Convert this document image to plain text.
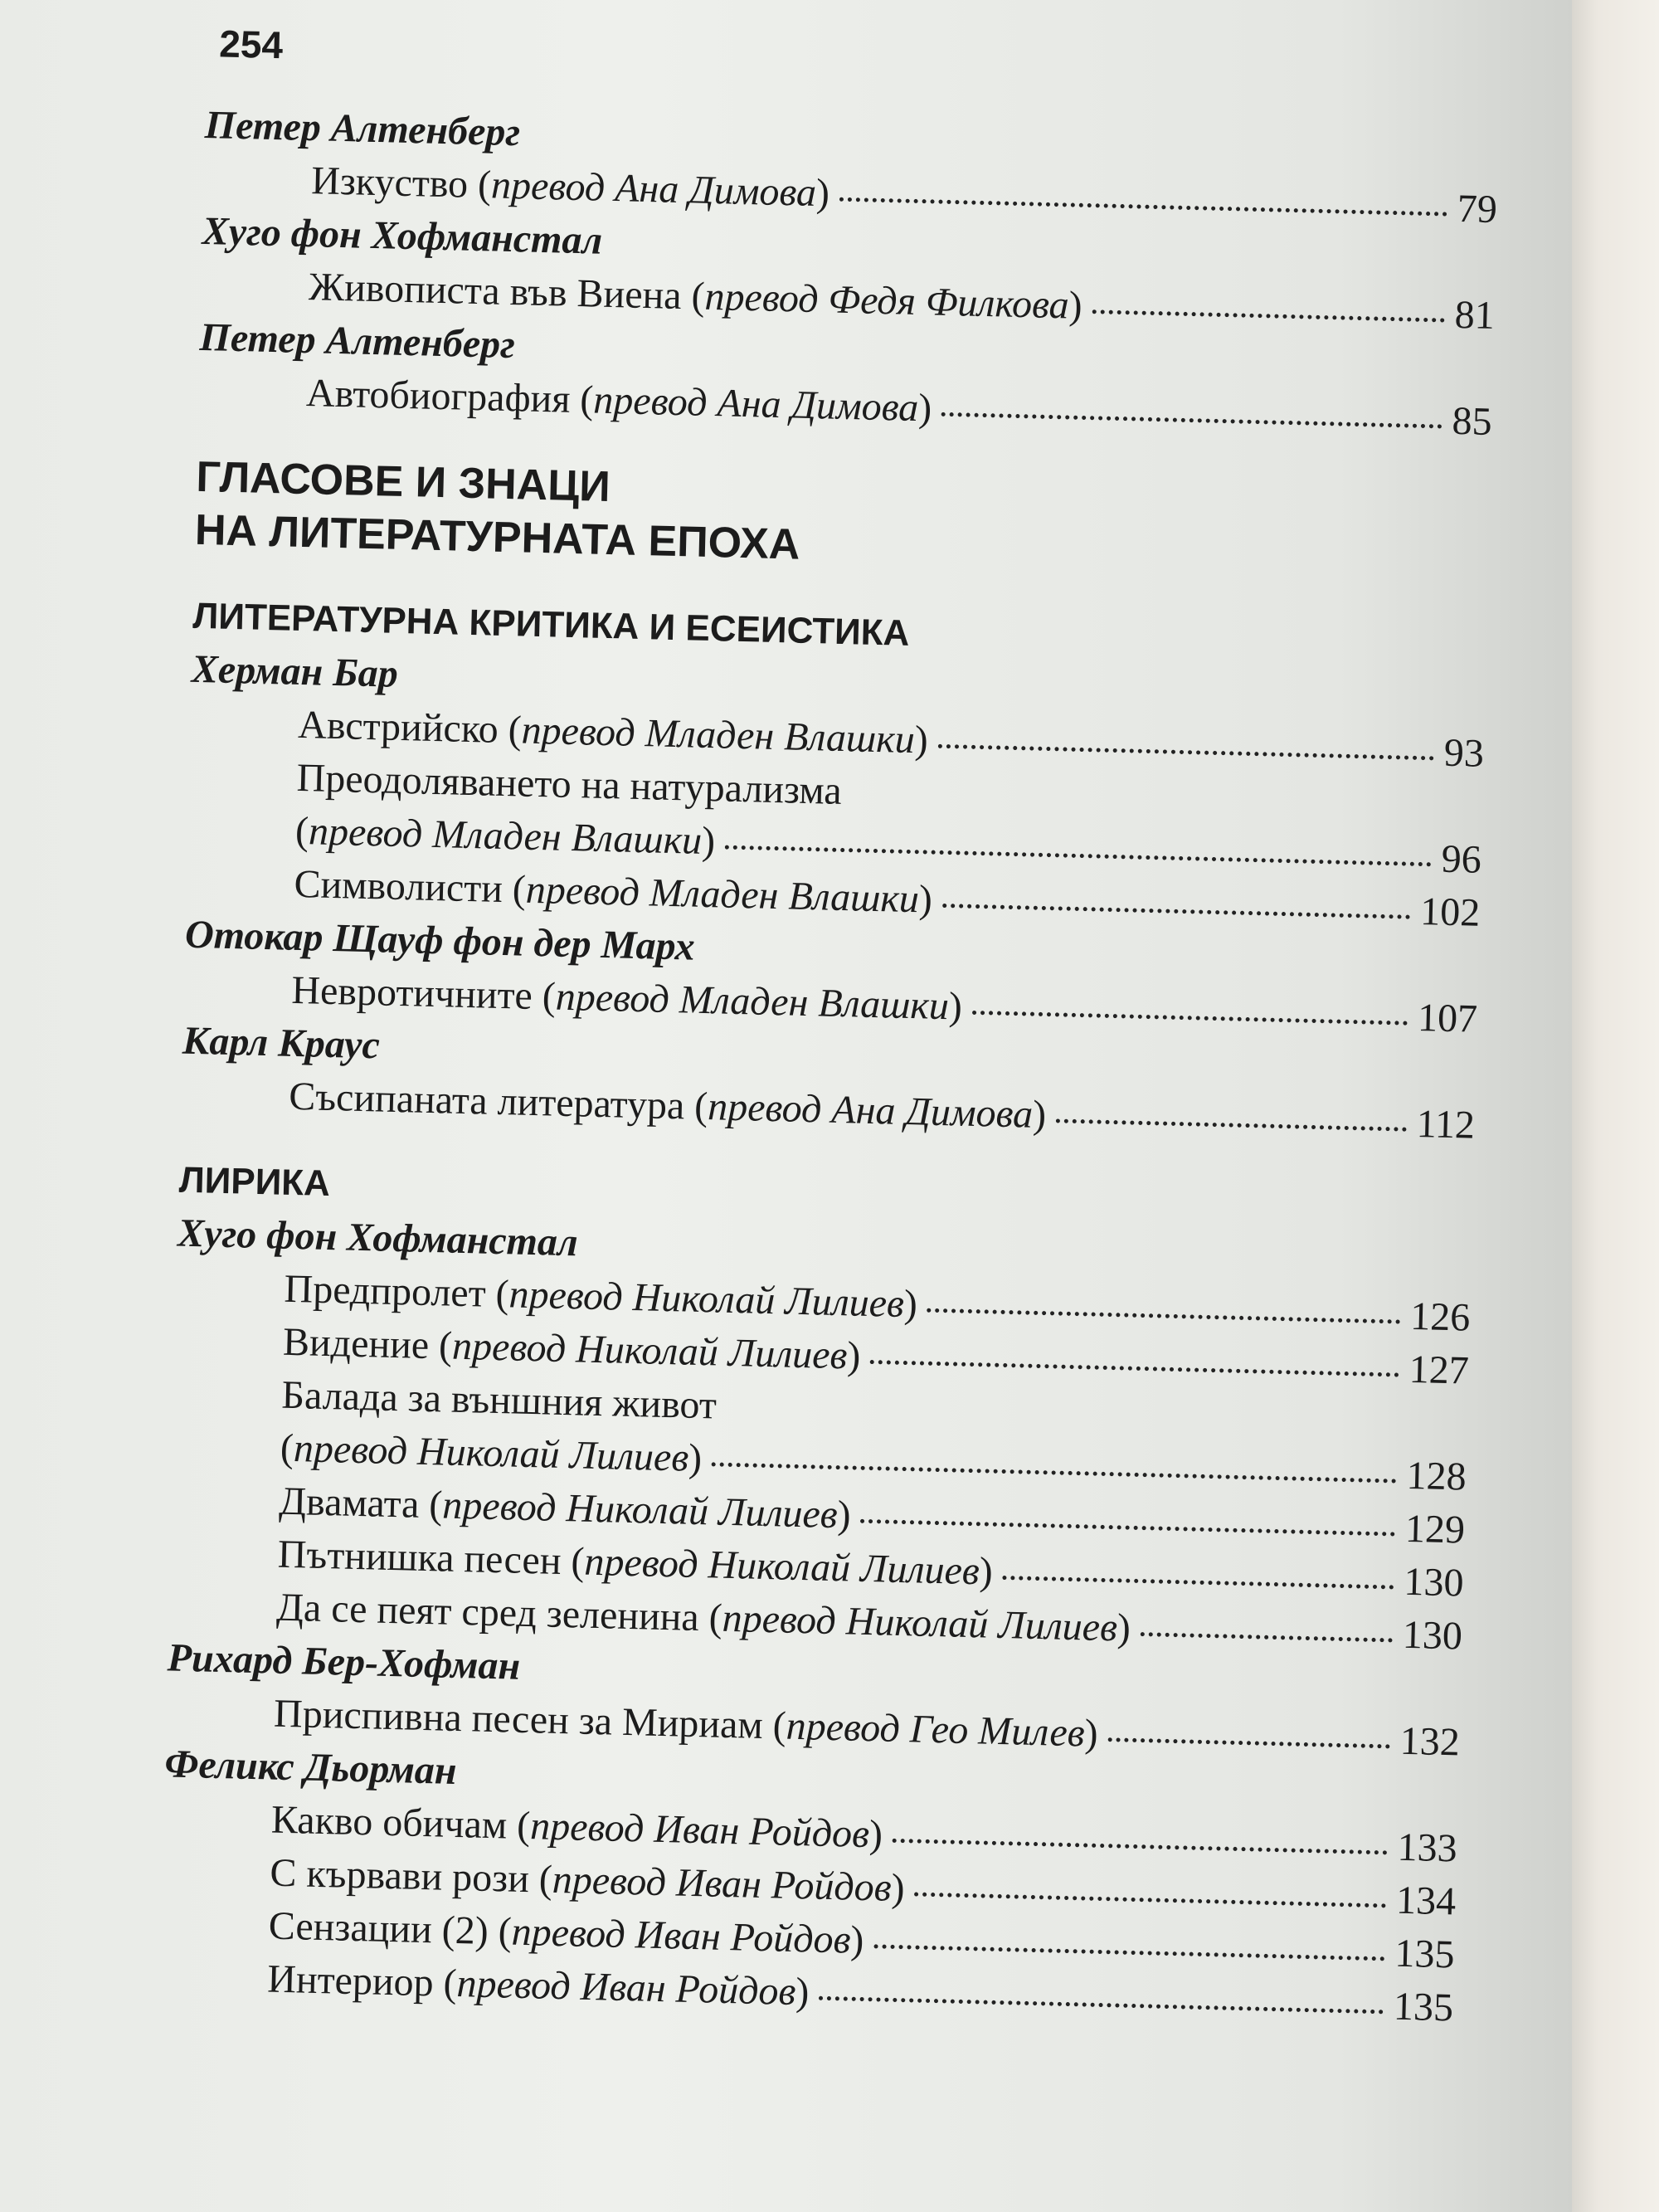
254
Петер Алтенберг
Изкуство (превод Ана Димова)	79
Хуго фон Хофманстал
Живописта във Виена (превод Федя Филкова)	81
Петер Алтенберг
Автобиография (превод Ана Димова)	85
ГЛАСОВЕ И ЗНАЦИ
НА ЛИТЕРАТУРНАТА ЕПОХА
ЛИТЕРАТУРНА КРИТИКА И ЕСЕИСТИКА
Херман Бар
Австрийско (превод Младен Влашки)	93
Преодоляването на натурализма
(превод Младен Влашки)	96
Символисти (превод Младен Влашки)	102
Отокар Щауф фон дер Марх
Невротичните (превод Младен Влашки)	107
Карл Краус
Съсипаната литература (превод Ана Димова)	112
ЛИРИКА
Хуго фон Хофманстал
Предпролет (превод Николай Лилиев)	126
Видение (превод Николай Лилиев)	127
Балада за външния живот
(превод Николай Лилиев)	128
Двамата (превод Николай Лилиев)	129
Пътнишка песен (превод Николай Лилиев)	130
Да се пеят сред зеленина (превод Николай Лилиев)	130
Рихард Бер-Хофман
Приспивна песен за Мириам (превод Гео Милев)	132
Феликс Дьорман
Какво обичам (превод Иван Ройдов)	133
С кървави рози (превод Иван Ройдов)	134
Сензации (2) (превод Иван Ройдов)	135
Интериор (превод Иван Ройдов)	135
